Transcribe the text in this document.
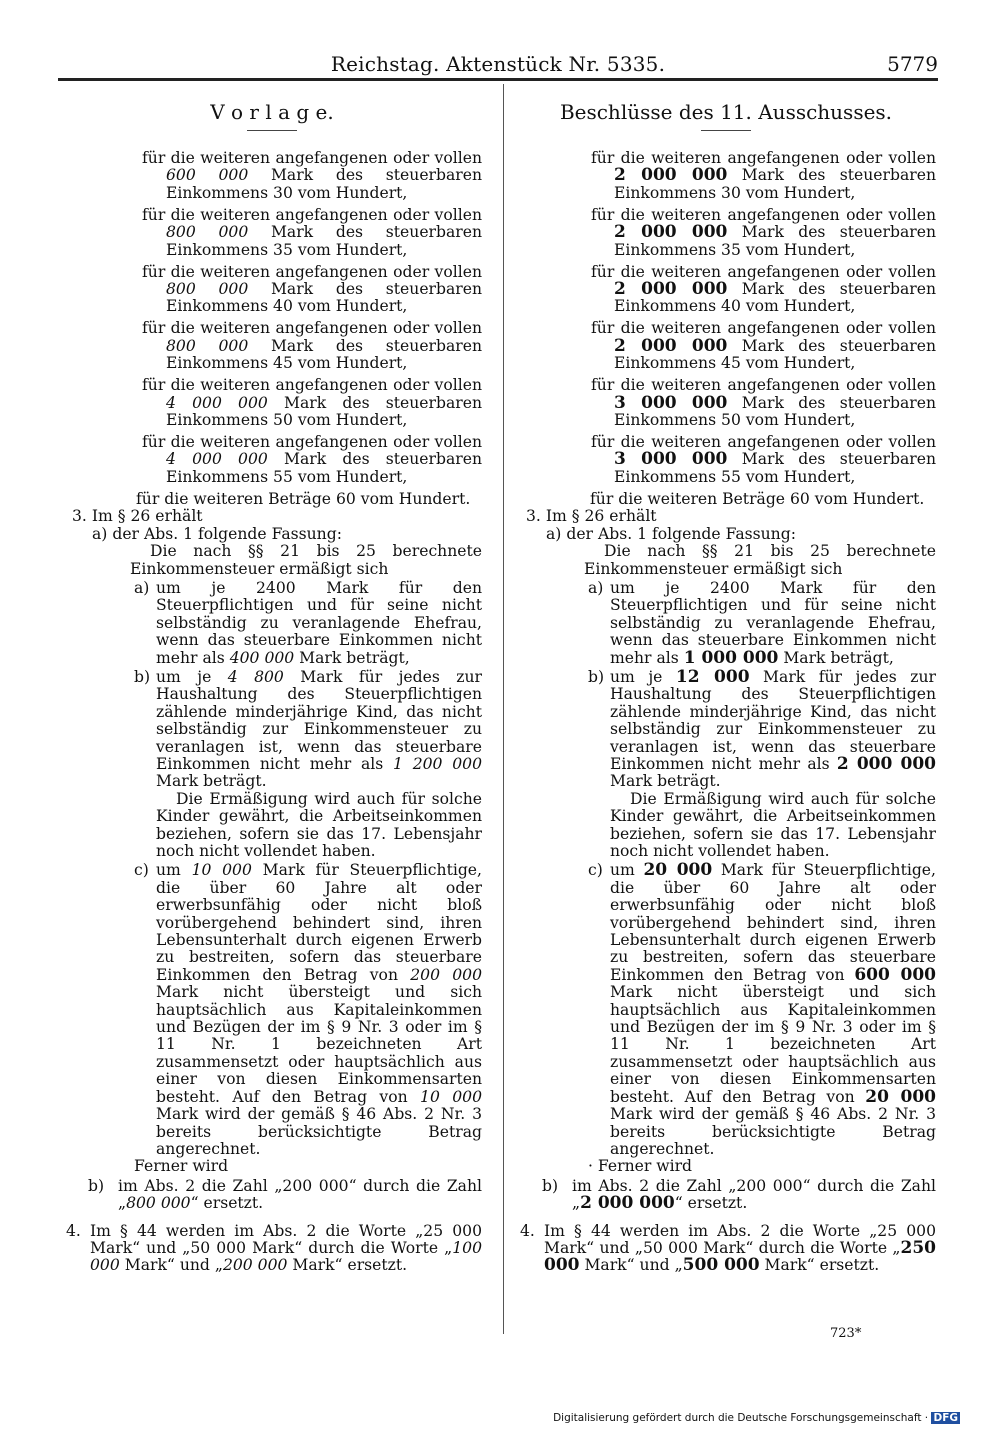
Reichstag. Aktenstück Nr. 5335.	5779
V o r l a g e.	Beschlüsse des 11. Ausschusses.
für die weiteren angefangenen oder vollen
600 000 Mark des steuerbaren Einkommens 30 vom Hundert,
für die weiteren angefangenen oder vollen
800 000 Mark des steuerbaren Einkommens 35 vom Hundert,
für die weiteren angefangenen oder vollen
800 000 Mark des steuerbaren Einkommens 40 vom Hundert,
für die weiteren angefangenen oder vollen
800 000 Mark des steuerbaren Einkommens 45 vom Hundert,
für die weiteren angefangenen oder vollen
4 000 000 Mark des steuerbaren Einkommens 50 vom Hundert,
für die weiteren angefangenen oder vollen
4 000 000 Mark des steuerbaren Einkommens 55 vom Hundert,

für die weiteren Beträge 60 vom Hundert.

3. Im § 26 erhält

a) der Abs. 1 folgende Fassung:

Die nach §§ 21 bis 25 berechnete Einkommensteuer ermäßigt sich

a) um je 2400 Mark für den Steuerpflichtigen und für seine nicht selbständig zu veranlagende Ehefrau, wenn das steuerbare Einkommen nicht mehr als 400 000 Mark beträgt,

b) um je 4 800 Mark für jedes zur Haushaltung des Steuerpflichtigen zählende minderjährige Kind, das nicht selbständig zur Einkommensteuer zu veranlagen ist, wenn das steuerbare Einkommen nicht mehr als 1 200 000 Mark beträgt.

Die Ermäßigung wird auch für solche Kinder gewährt, die Arbeitseinkommen beziehen, sofern sie das 17. Lebensjahr noch nicht vollendet haben.

c) um 10 000 Mark für Steuerpflichtige, die über 60 Jahre alt oder erwerbsunfähig oder nicht bloß vorübergehend behindert sind, ihren Lebensunterhalt durch eigenen Erwerb zu bestreiten, sofern das steuerbare Einkommen den Betrag von 200 000 Mark nicht übersteigt und sich hauptsächlich aus Kapitaleinkommen und Bezügen der im § 9 Nr. 3 oder im § 11 Nr. 1 bezeichneten Art zusammensetzt oder hauptsächlich aus einer von diesen Einkommensarten besteht. Auf den Betrag von 10 000 Mark wird der gemäß § 46 Abs. 2 Nr. 3 bereits berücksichtigte Betrag angerechnet.

Ferner wird

b) im Abs. 2 die Zahl „200 000“ durch die Zahl „800 000“ ersetzt.

4. Im § 44 werden im Abs. 2 die Worte „25 000 Mark“ und „50 000 Mark“ durch die Worte „100 000 Mark“ und „200 000 Mark“ ersetzt.

für die weiteren angefangenen oder vollen
2 000 000 Mark des steuerbaren Einkommens 30 vom Hundert,
für die weiteren angefangenen oder vollen
2 000 000 Mark des steuerbaren Einkommens 35 vom Hundert,
für die weiteren angefangenen oder vollen
2 000 000 Mark des steuerbaren Einkommens 40 vom Hundert,
für die weiteren angefangenen oder vollen
2 000 000 Mark des steuerbaren Einkommens 45 vom Hundert,
für die weiteren angefangenen oder vollen
3 000 000 Mark des steuerbaren Einkommens 50 vom Hundert,
für die weiteren angefangenen oder vollen
3 000 000 Mark des steuerbaren Einkommens 55 vom Hundert,

für die weiteren Beträge 60 vom Hundert.

3. Im § 26 erhält

a) der Abs. 1 folgende Fassung:

Die nach §§ 21 bis 25 berechnete Einkommensteuer ermäßigt sich

a) um je 2400 Mark für den Steuerpflichtigen und für seine nicht selbständig zu veranlagende Ehefrau, wenn das steuerbare Einkommen nicht mehr als 1 000 000 Mark beträgt,

b) um je 12 000 Mark für jedes zur Haushaltung des Steuerpflichtigen zählende minderjährige Kind, das nicht selbständig zur Einkommensteuer zu veranlagen ist, wenn das steuerbare Einkommen nicht mehr als 2 000 000 Mark beträgt.

Die Ermäßigung wird auch für solche Kinder gewährt, die Arbeitseinkommen beziehen, sofern sie das 17. Lebensjahr noch nicht vollendet haben.

c) um 20 000 Mark für Steuerpflichtige, die über 60 Jahre alt oder erwerbsunfähig oder nicht bloß vorübergehend behindert sind, ihren Lebensunterhalt durch eigenen Erwerb zu bestreiten, sofern das steuerbare Einkommen den Betrag von 600 000 Mark nicht übersteigt und sich hauptsächlich aus Kapitaleinkommen und Bezügen der im § 9 Nr. 3 oder im § 11 Nr. 1 bezeichneten Art zusammensetzt oder hauptsächlich aus einer von diesen Einkommensarten besteht. Auf den Betrag von 20 000 Mark wird der gemäß § 46 Abs. 2 Nr. 3 bereits berücksichtigte Betrag angerechnet.

· Ferner wird

b) im Abs. 2 die Zahl „200 000“ durch die Zahl „2 000 000“ ersetzt.

4. Im § 44 werden im Abs. 2 die Worte „25 000 Mark“ und „50 000 Mark“ durch die Worte „250 000 Mark“ und „500 000 Mark“ ersetzt.

723*
Digitalisierung gefördert durch die Deutsche Forschungsgemeinschaft · DFG
